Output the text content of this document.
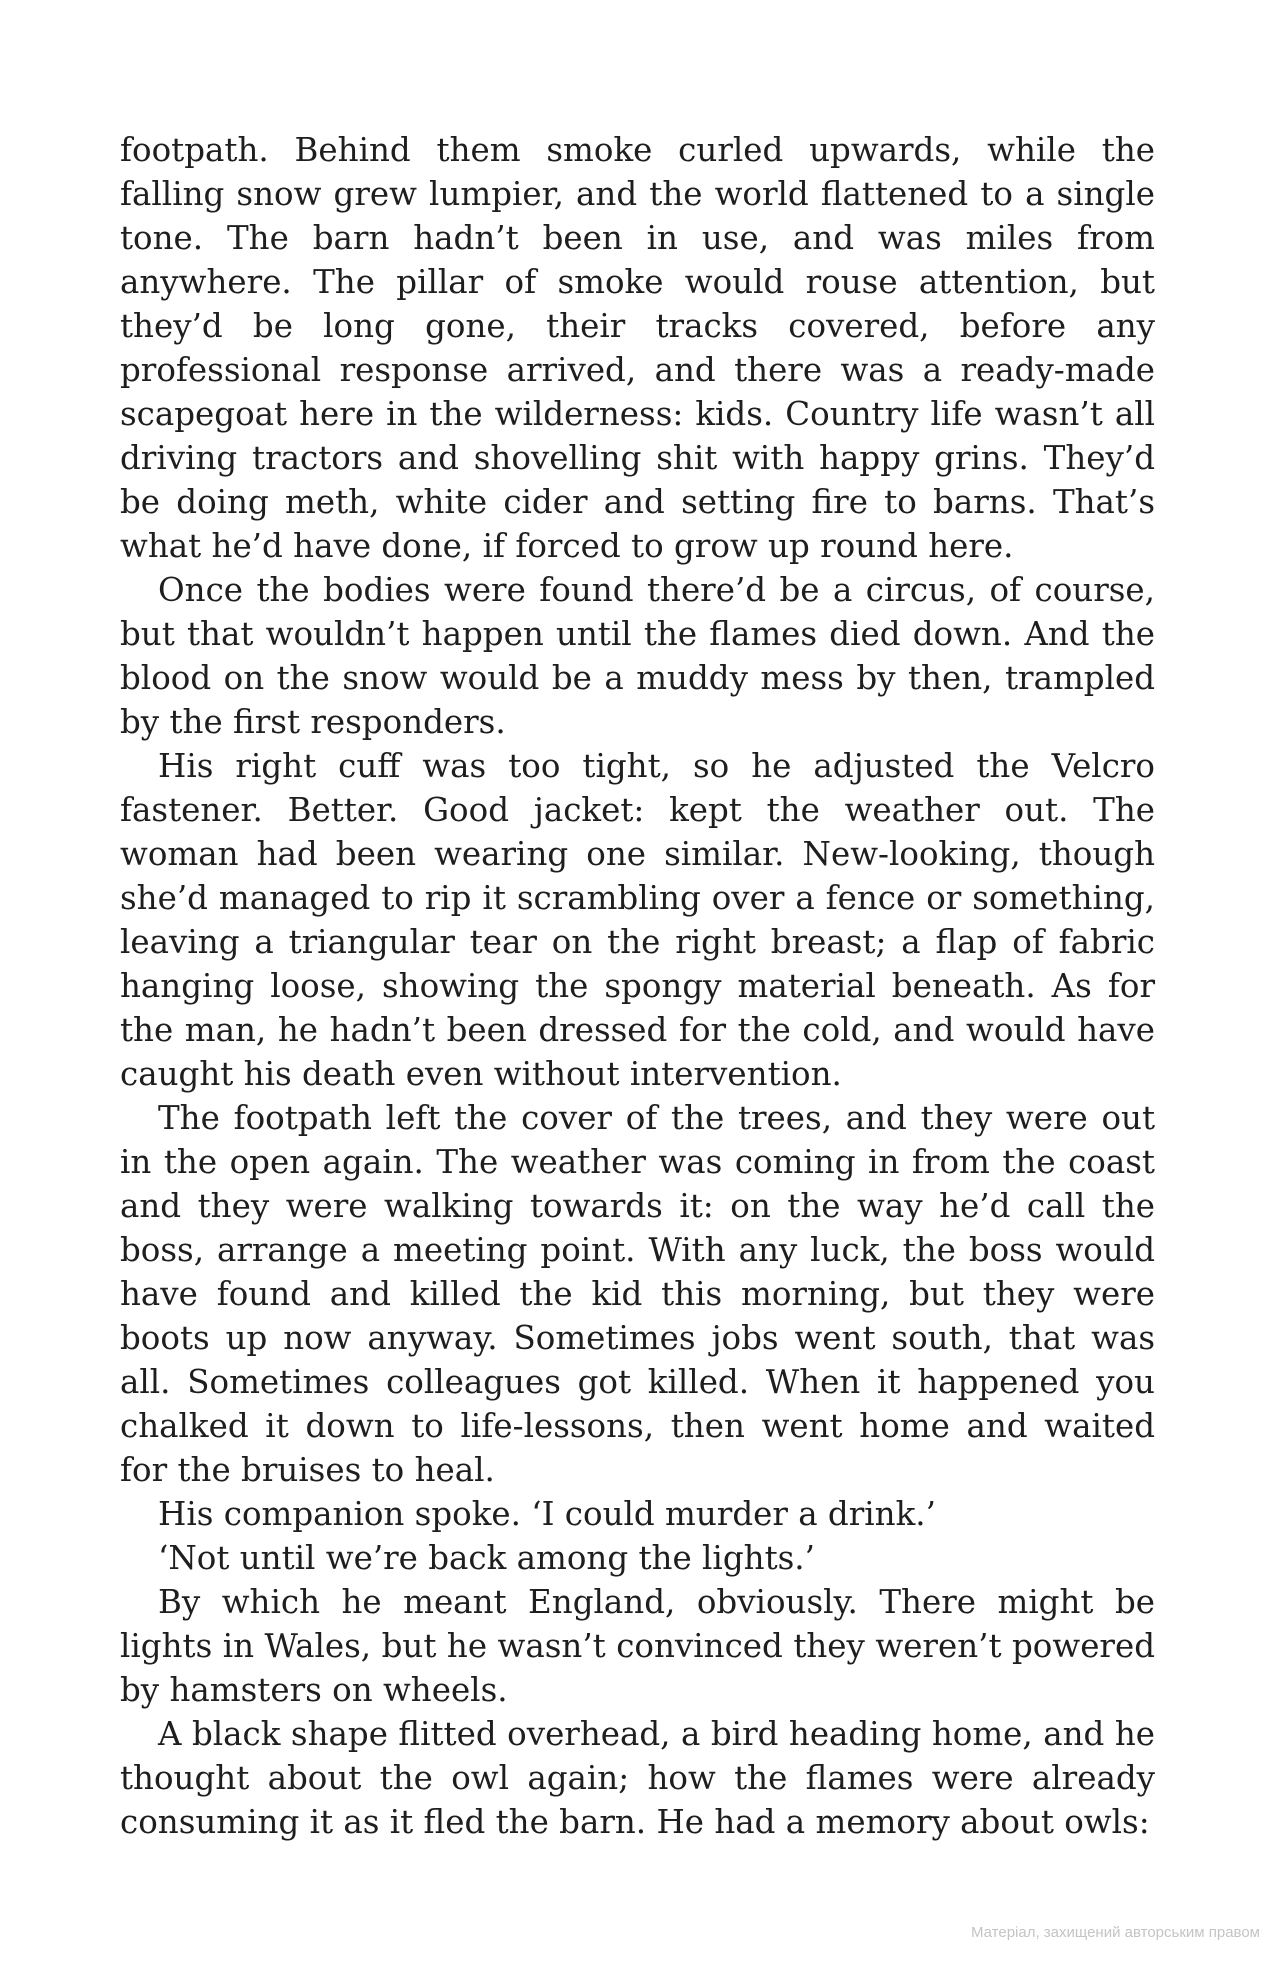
footpath. Behind them smoke curled upwards, while the falling snow grew lumpier, and the world flattened to a single tone. The barn hadn’t been in use, and was miles from anywhere. The pillar of smoke would rouse attention, but they’d be long gone, their tracks covered, before any professional response arrived, and there was a ready-made scapegoat here in the wilderness: kids. Country life wasn’t all driving tractors and shovelling shit with happy grins. They’d be doing meth, white cider and setting fire to barns. That’s what he’d have done, if forced to grow up round here.

Once the bodies were found there’d be a circus, of course, but that wouldn’t happen until the flames died down. And the blood on the snow would be a muddy mess by then, trampled by the first responders.

His right cuff was too tight, so he adjusted the Velcro fastener. Better. Good jacket: kept the weather out. The woman had been wearing one similar. New-looking, though she’d managed to rip it scrambling over a fence or something, leaving a triangular tear on the right breast; a flap of fabric hanging loose, showing the spongy material beneath. As for the man, he hadn’t been dressed for the cold, and would have caught his death even without intervention.

The footpath left the cover of the trees, and they were out in the open again. The weather was coming in from the coast and they were walking towards it: on the way he’d call the boss, arrange a meeting point. With any luck, the boss would have found and killed the kid this morning, but they were boots up now anyway. Sometimes jobs went south, that was all. Sometimes colleagues got killed. When it happened you chalked it down to life-lessons, then went home and waited for the bruises to heal.

His companion spoke. ‘I could murder a drink.’

‘Not until we’re back among the lights.’

By which he meant England, obviously. There might be lights in Wales, but he wasn’t convinced they weren’t powered by hamsters on wheels.

A black shape flitted overhead, a bird heading home, and he thought about the owl again; how the flames were already consuming it as it fled the barn. He had a memory about owls:

Матеріал, захищений авторським правом
